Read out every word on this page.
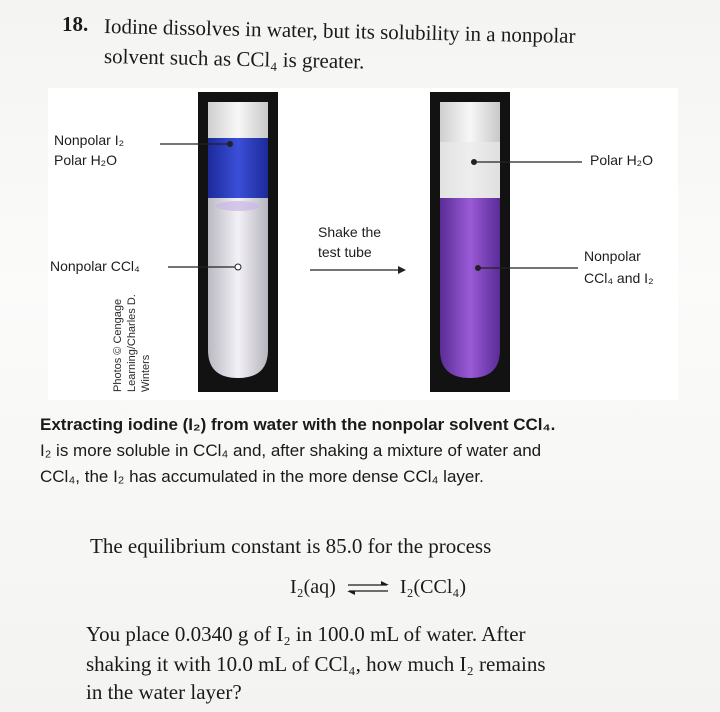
18. Iodine dissolves in water, but its solubility in a nonpolar
solvent such as CCl₄ is greater.
Nonpolar I₂
Polar H₂O
Nonpolar CCl₄
Shake the
test tube
Polar H₂O
Nonpolar
CCl₄ and I₂
Photos © Cengage Learning/Charles D. Winters
Extracting iodine (I₂) from water with the nonpolar solvent CCl₄.
I₂ is more soluble in CCl₄ and, after shaking a mixture of water and
CCl₄, the I₂ has accumulated in the more dense CCl₄ layer.
The equilibrium constant is 85.0 for the process
I₂(aq) ⇌ I₂(CCl₄)
You place 0.0340 g of I₂ in 100.0 mL of water. After
shaking it with 10.0 mL of CCl₄, how much I₂ remains
in the water layer?
